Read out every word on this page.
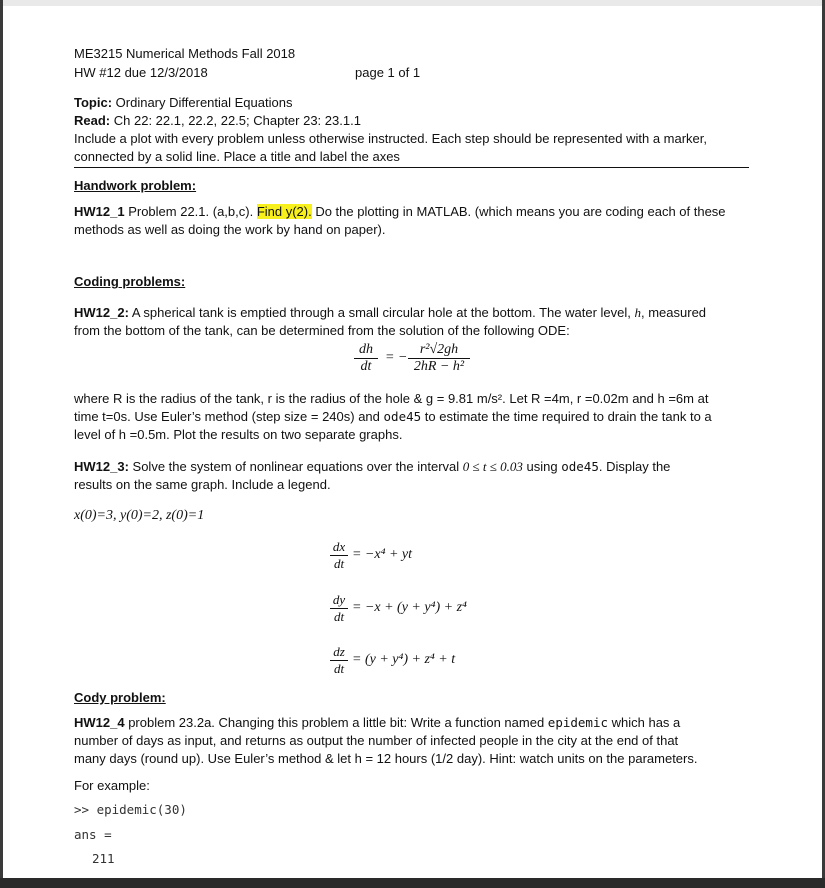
ME3215 Numerical Methods Fall 2018
HW #12 due 12/3/2018	page 1 of 1
Topic: Ordinary Differential Equations
Read: Ch 22: 22.1, 22.2, 22.5; Chapter 23: 23.1.1
Include a plot with every problem unless otherwise instructed. Each step should be represented with a marker,
connected by a solid line. Place a title and label the axes
Handwork problem:
HW12_1 Problem 22.1. (a,b,c). Find y(2). Do the plotting in MATLAB. (which means you are coding each of these
methods as well as doing the work by hand on paper).
Coding problems:
HW12_2: A spherical tank is emptied through a small circular hole at the bottom. The water level, h, measured
from the bottom of the tank, can be determined from the solution of the following ODE:
$\frac{dh}{dt}$ = − $\frac{\text{r²√2gh}}{\text{2hR − h²}}$
where R is the radius of the tank, r is the radius of the hole & g = 9.81 m/s². Let R =4m, r =0.02m and h =6m at
time t=0s. Use Euler’s method (step size = 240s) and ode45 to estimate the time required to drain the tank to a
level of h =0.5m. Plot the results on two separate graphs.
HW12_3: Solve the system of nonlinear equations over the interval 0 ≤ t ≤ 0.03 using ode45. Display the
results on the same graph. Include a legend.
x(0)=3, y(0)=2, z(0)=1
$\frac{dx}{dt} = -x^4$ + yt
$\frac{dy}{dt} = -x + (y + y^4) + z^4$
$\frac{dz}{dt} = (y + y^4) + z^4 + t$
Cody problem:
HW12_4 problem 23.2a. Changing this problem a little bit: Write a function named epidemic which has a
number of days as input, and returns as output the number of infected people in the city at the end of that
many days (round up). Use Euler’s method & let h = 12 hours (1/2 day). Hint: watch units on the parameters.
For example:
>> epidemic(30)
ans =
211
